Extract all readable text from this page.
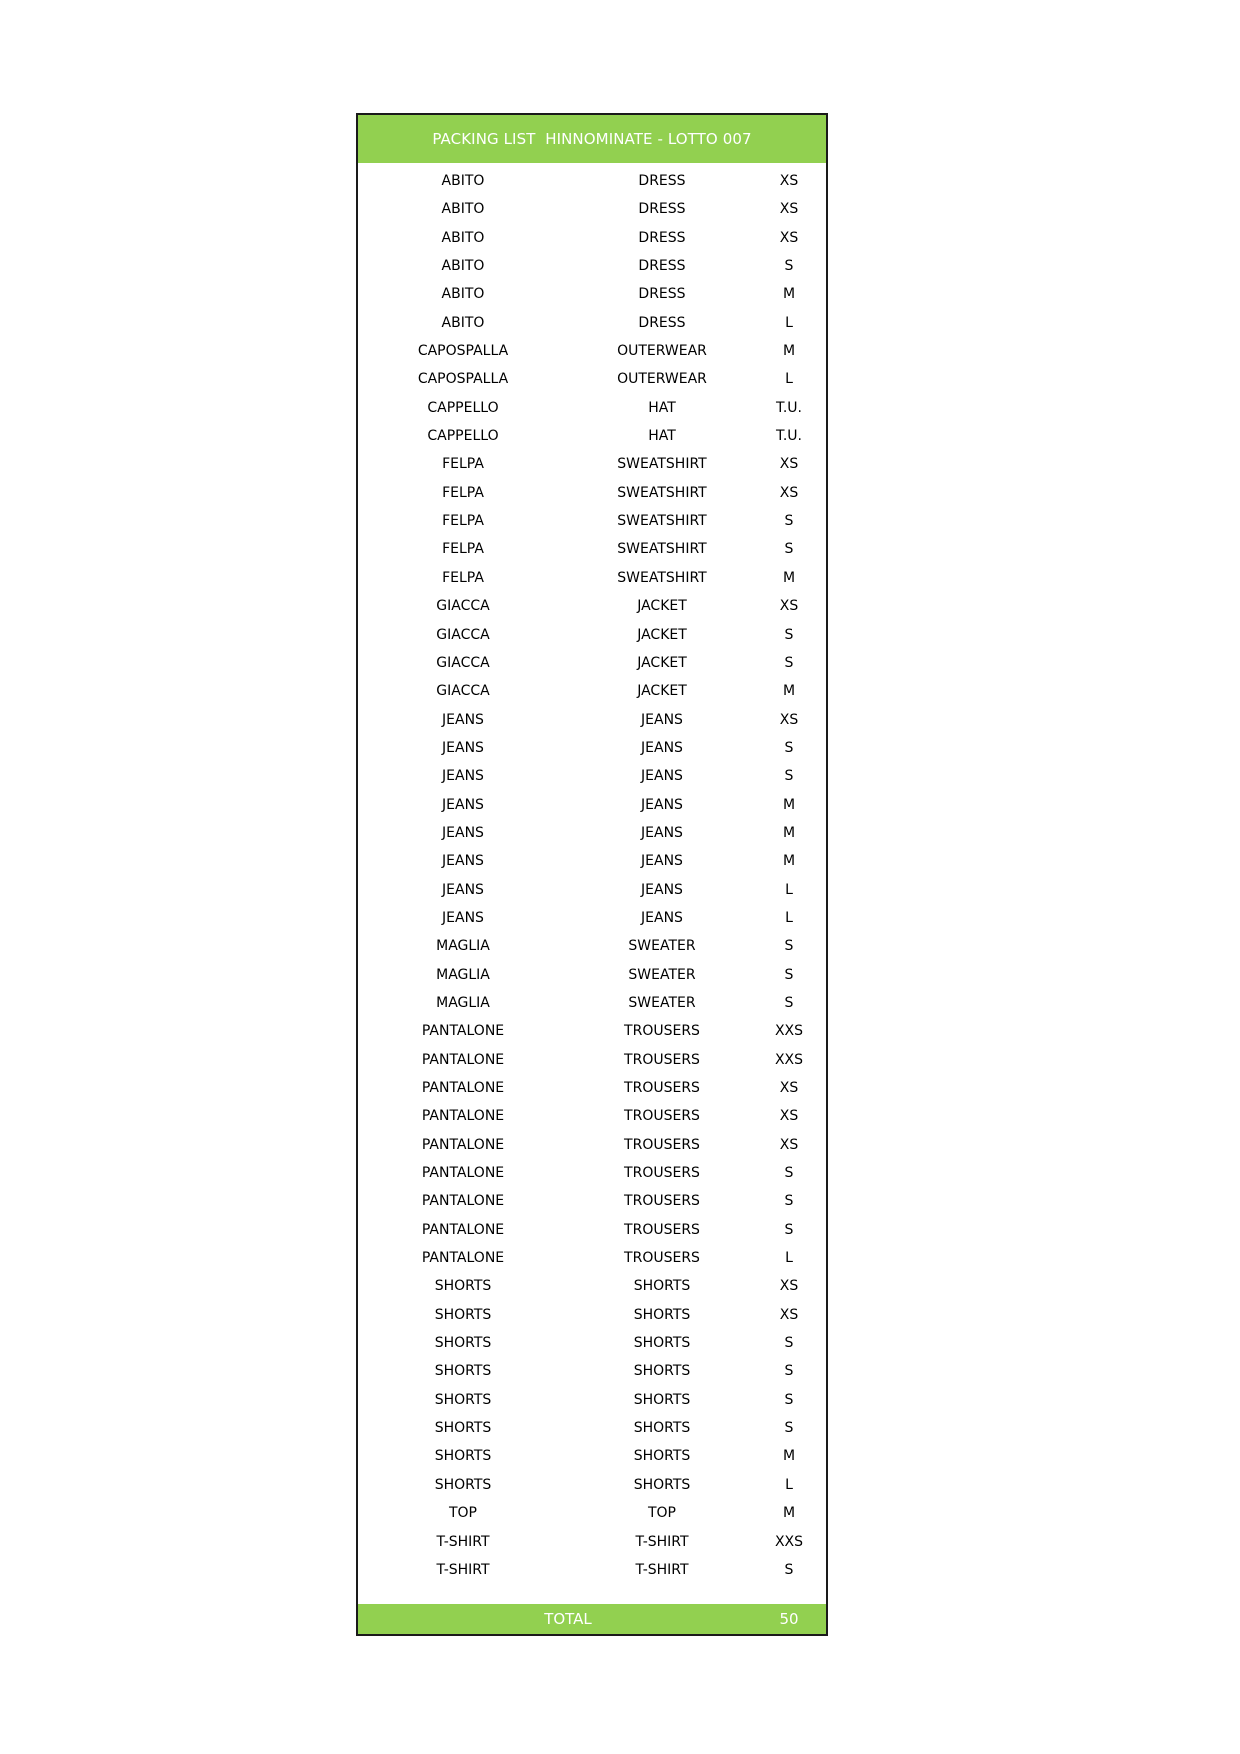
PACKING LIST  HINNOMINATE - LOTTO 007
ABITO	DRESS	XS
ABITO	DRESS	XS
ABITO	DRESS	XS
ABITO	DRESS	S
ABITO	DRESS	M
ABITO	DRESS	L
CAPOSPALLA	OUTERWEAR	M
CAPOSPALLA	OUTERWEAR	L
CAPPELLO	HAT	T.U.
CAPPELLO	HAT	T.U.
FELPA	SWEATSHIRT	XS
FELPA	SWEATSHIRT	XS
FELPA	SWEATSHIRT	S
FELPA	SWEATSHIRT	S
FELPA	SWEATSHIRT	M
GIACCA	JACKET	XS
GIACCA	JACKET	S
GIACCA	JACKET	S
GIACCA	JACKET	M
JEANS	JEANS	XS
JEANS	JEANS	S
JEANS	JEANS	S
JEANS	JEANS	M
JEANS	JEANS	M
JEANS	JEANS	M
JEANS	JEANS	L
JEANS	JEANS	L
MAGLIA	SWEATER	S
MAGLIA	SWEATER	S
MAGLIA	SWEATER	S
PANTALONE	TROUSERS	XXS
PANTALONE	TROUSERS	XXS
PANTALONE	TROUSERS	XS
PANTALONE	TROUSERS	XS
PANTALONE	TROUSERS	XS
PANTALONE	TROUSERS	S
PANTALONE	TROUSERS	S
PANTALONE	TROUSERS	S
PANTALONE	TROUSERS	L
SHORTS	SHORTS	XS
SHORTS	SHORTS	XS
SHORTS	SHORTS	S
SHORTS	SHORTS	S
SHORTS	SHORTS	S
SHORTS	SHORTS	S
SHORTS	SHORTS	M
SHORTS	SHORTS	L
TOP	TOP	M
T-SHIRT	T-SHIRT	XXS
T-SHIRT	T-SHIRT	S
TOTAL	50
